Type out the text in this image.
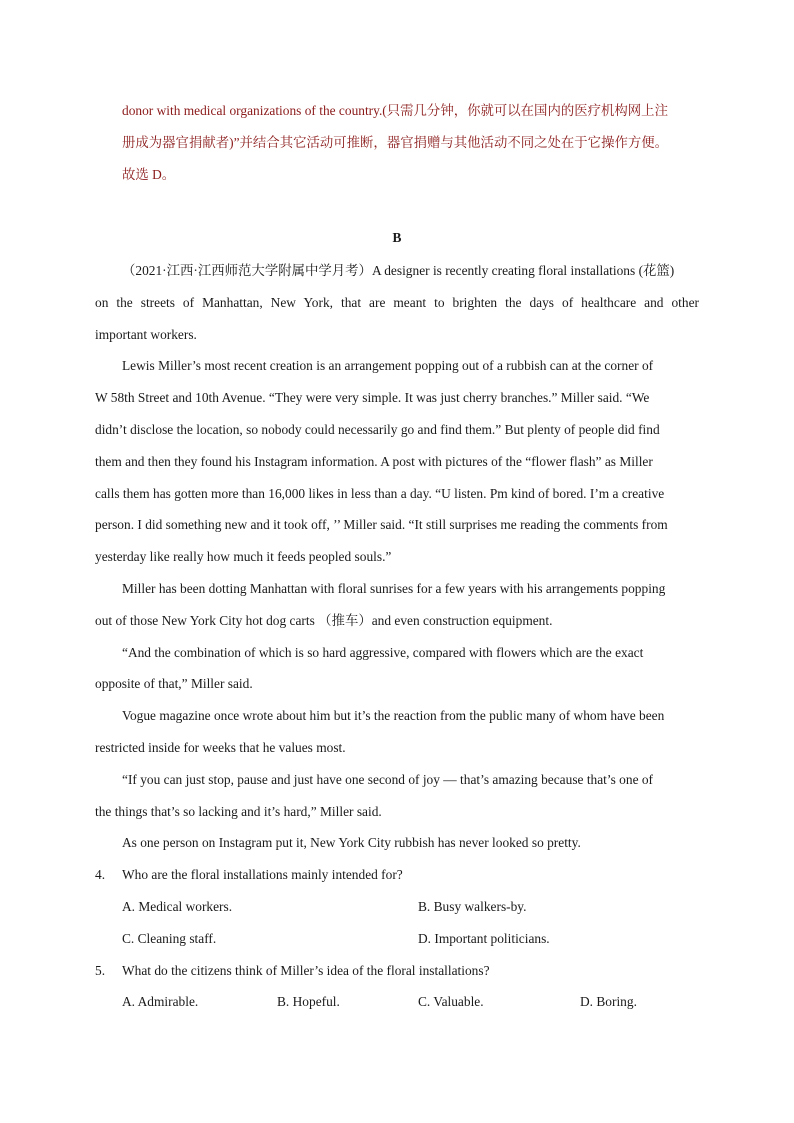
donor with medical organizations of the country.(只需几分钟，你就可以在国内的医疗机构网上注
册成为器官捐献者)”并结合其它活动可推断，器官捐赠与其他活动不同之处在于它操作方便。
故选 D。
B
（2021·江西·江西师范大学附属中学月考）A designer is recently creating floral installations (花篮)
on the streets of Manhattan, New York, that are meant to brighten the days of healthcare and other
important workers.
Lewis Miller’s most recent creation is an arrangement popping out of a rubbish can at the corner of
W 58th Street and 10th Avenue. “They were very simple. It was just cherry branches.” Miller said. “We
didn’t disclose the location, so nobody could necessarily go and find them.” But plenty of people did find
them and then they found his Instagram information. A post with pictures of the “flower flash” as Miller
calls them has gotten more than 16,000 likes in less than a day. “U listen. Pm kind of bored. I’m a creative
person. I did something new and it took off, ’’ Miller said. “It still surprises me reading the comments from
yesterday like really how much it feeds peopled souls.”
Miller has been dotting Manhattan with floral sunrises for a few years with his arrangements popping
out of those New York City hot dog carts （推车）and even construction equipment.
“And the combination of which is so hard aggressive, compared with flowers which are the exact
opposite of that,” Miller said.
Vogue magazine once wrote about him but it’s the reaction from the public many of whom have been
restricted inside for weeks that he values most.
“If you can just stop, pause and just have one second of joy — that’s amazing because that’s one of
the things that’s so lacking and it’s hard,” Miller said.
As one person on Instagram put it, New York City rubbish has never looked so pretty.
4. Who are the floral installations mainly intended for?
A. Medical workers.	B. Busy walkers-by.
C. Cleaning staff.	D. Important politicians.
5. What do the citizens think of Miller’s idea of the floral installations?
A. Admirable.	B. Hopeful.	C. Valuable.	D. Boring.
